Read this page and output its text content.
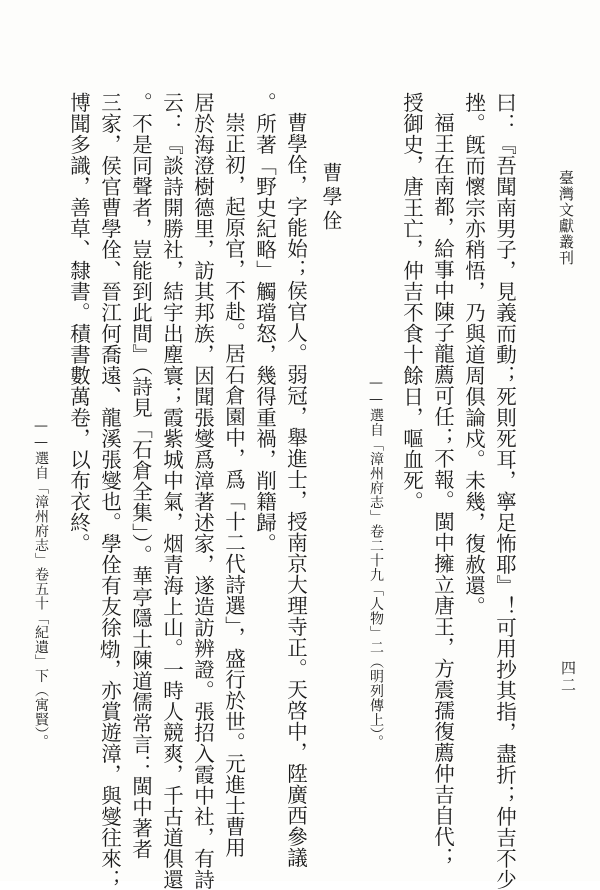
臺灣文獻叢刊
四二
曰：『吾聞南男子，見義而動；死則死耳，寧足怖耶』！可用抄其指，盡折；仲吉不少
挫。旣而懷宗亦稍悟，乃與道周俱論戍。未幾，復赦還。
福王在南都，給事中陳子龍薦可任；不報。閩中擁立唐王，方震孺復薦仲吉自代；
授御史，唐王亡，仲吉不食十餘日，嘔血死。
——選自「漳州府志」卷二十九「人物」二（明列傳上）。
曹學佺
曹學佺，字能始；侯官人。弱冠，舉進士，授南京大理寺正。天啓中，陞廣西參議
。所著「野史紀略」觸璫怒，幾得重禍，削籍歸。
崇正初，起原官，不赴。居石倉園中，爲「十二代詩選」，盛行於世。元進士曹用
居於海澄樹德里，訪其邦族，因聞張燮爲漳著述家，遂造訪辨證。張招入霞中社，有詩
云：『談詩開勝社，結宇出塵寰；霞紫城中氣，烟青海上山。一時人競爽，千古道俱還
。不是同聲者，豈能到此間』（詩見「石倉全集」）。華亭隱士陳道儒常言：閩中著者
三家，侯官曹學佺、晉江何喬遠、龍溪張燮也。學佺有友徐𤊹，亦賞遊漳，與燮往來；
博聞多識，善草、隸書。積書數萬卷，以布衣終。
——選自「漳州府志」卷五十「紀遺」下（寓賢）。
